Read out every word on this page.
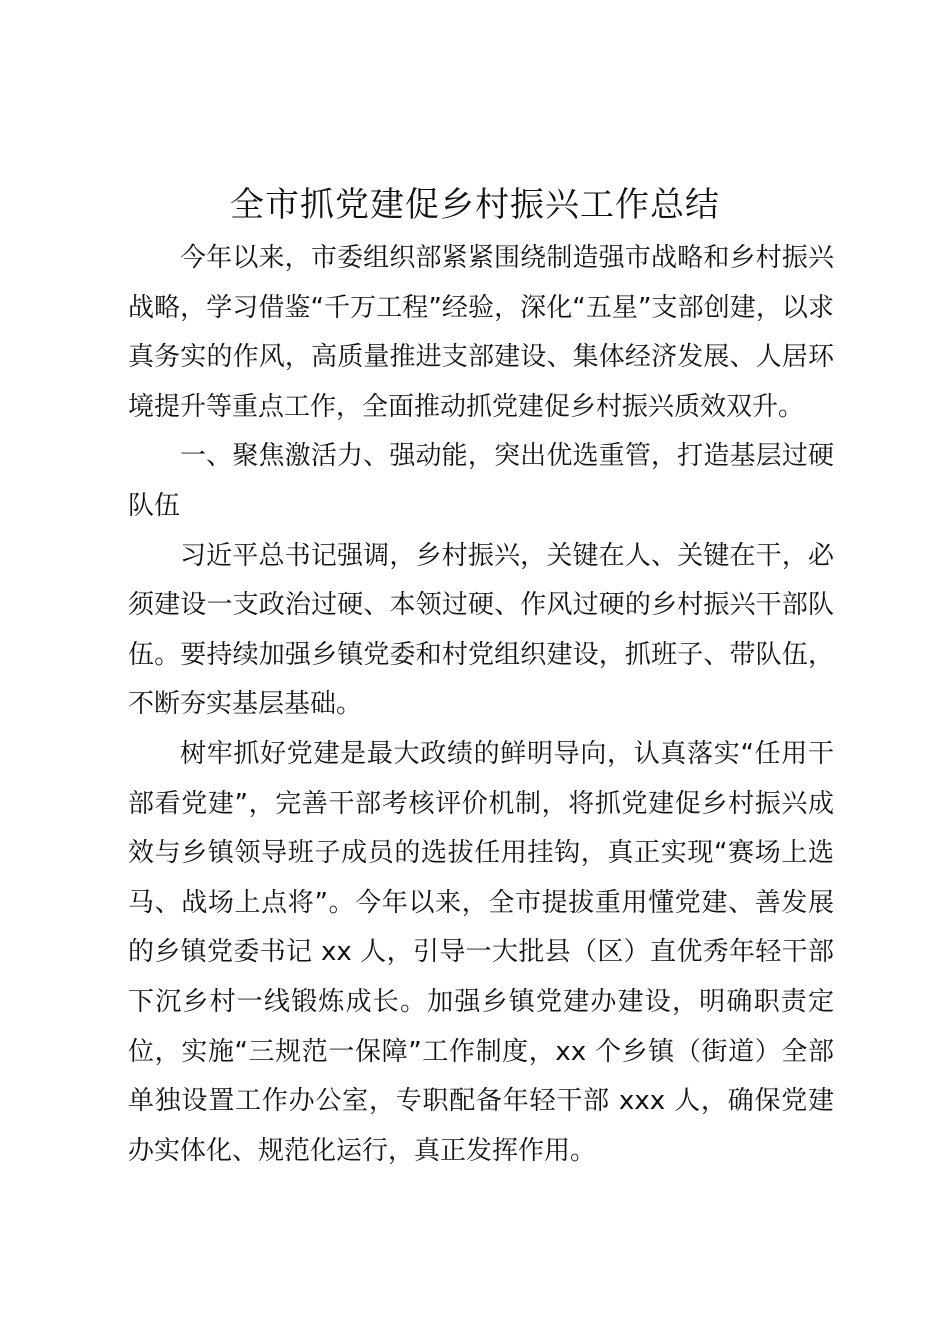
全市抓党建促乡村振兴工作总结

今年以来，市委组织部紧紧围绕制造强市战略和乡村振兴战略，学习借鉴“千万工程”经验，深化“五星”支部创建，以求真务实的作风，高质量推进支部建设、集体经济发展、人居环境提升等重点工作，全面推动抓党建促乡村振兴质效双升。

一、聚焦激活力、强动能，突出优选重管，打造基层过硬队伍

习近平总书记强调，乡村振兴，关键在人、关键在干，必须建设一支政治过硬、本领过硬、作风过硬的乡村振兴干部队伍。要持续加强乡镇党委和村党组织建设，抓班子、带队伍，不断夯实基层基础。

树牢抓好党建是最大政绩的鲜明导向，认真落实“任用干部看党建”，完善干部考核评价机制，将抓党建促乡村振兴成效与乡镇领导班子成员的选拔任用挂钩，真正实现“赛场上选马、战场上点将”。今年以来，全市提拔重用懂党建、善发展的乡镇党委书记 xx 人，引导一大批县（区）直优秀年轻干部下沉乡村一线锻炼成长。加强乡镇党建办建设，明确职责定位，实施“三规范一保障”工作制度，xx 个乡镇（街道）全部单独设置工作办公室，专职配备年轻干部 xxx 人，确保党建办实体化、规范化运行，真正发挥作用。
